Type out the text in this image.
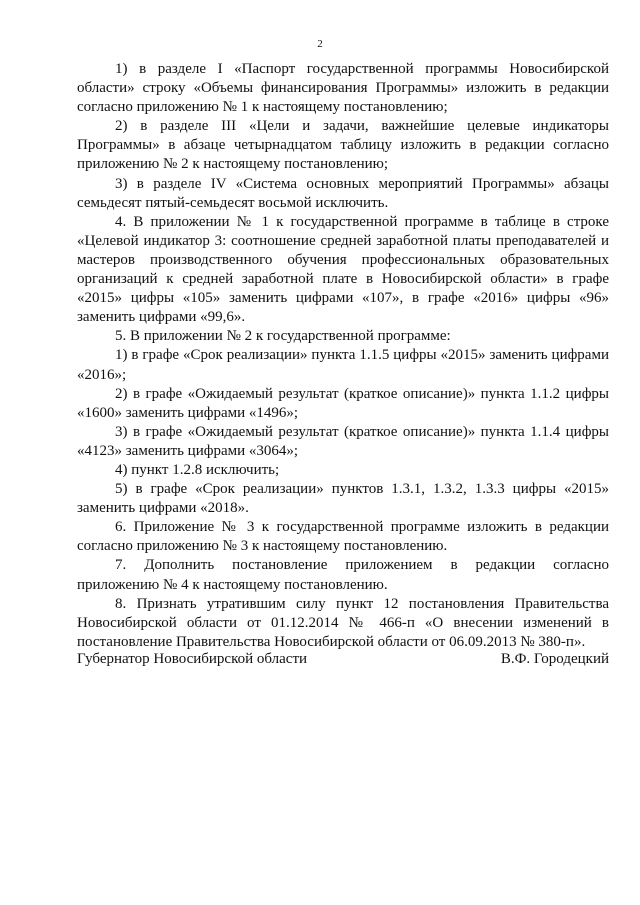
2

1) в разделе I «Паспорт государственной программы Новосибирской области» строку «Объемы финансирования Программы» изложить в редакции согласно приложению № 1 к настоящему постановлению;

2) в разделе III «Цели и задачи, важнейшие целевые индикаторы Программы» в абзаце четырнадцатом таблицу изложить в редакции согласно приложению № 2 к настоящему постановлению;

3) в разделе IV «Система основных мероприятий Программы» абзацы семьдесят пятый-семьдесят восьмой исключить.

4. В приложении № 1 к государственной программе в таблице в строке «Целевой индикатор 3: соотношение средней заработной платы преподавателей и мастеров производственного обучения профессиональных образовательных организаций к средней заработной плате в Новосибирской области» в графе «2015» цифры «105» заменить цифрами «107», в графе «2016» цифры «96» заменить цифрами «99,6».

5. В приложении № 2 к государственной программе:

1) в графе «Срок реализации» пункта 1.1.5 цифры «2015» заменить цифрами «2016»;

2) в графе «Ожидаемый результат (краткое описание)» пункта 1.1.2 цифры «1600» заменить цифрами «1496»;

3) в графе «Ожидаемый результат (краткое описание)» пункта 1.1.4 цифры «4123» заменить цифрами «3064»;

4) пункт 1.2.8 исключить;

5) в графе «Срок реализации» пунктов 1.3.1, 1.3.2, 1.3.3 цифры «2015» заменить цифрами «2018».

6. Приложение № 3 к государственной программе изложить в редакции согласно приложению № 3 к настоящему постановлению.

7. Дополнить постановление приложением в редакции согласно приложению № 4 к настоящему постановлению.

8. Признать утратившим силу пункт 12 постановления Правительства Новосибирской области от 01.12.2014 № 466-п «О внесении изменений в постановление Правительства Новосибирской области от 06.09.2013 № 380-п».

Губернатор Новосибирской области	В.Ф. Городецкий
